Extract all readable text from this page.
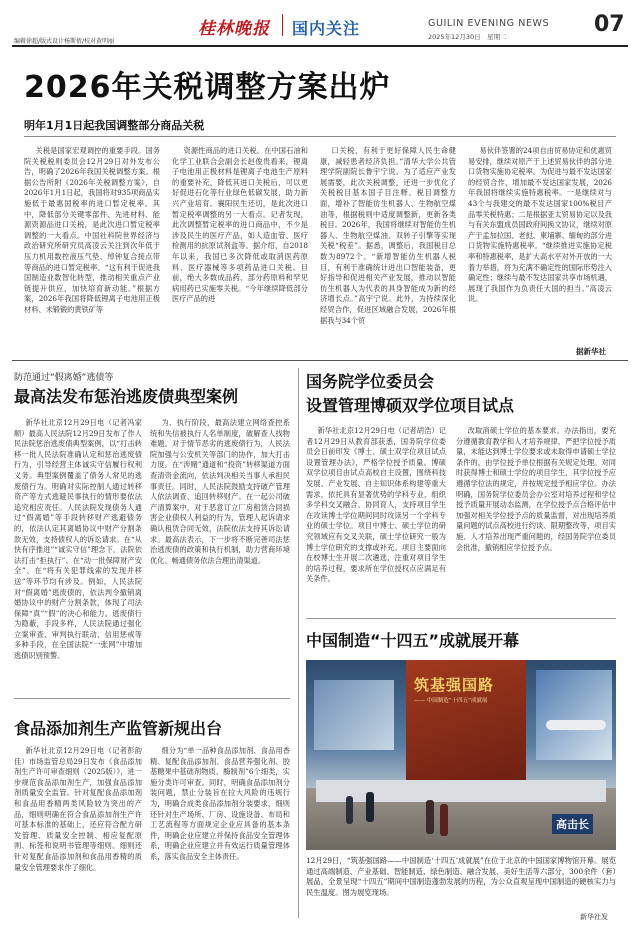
编辑徐超/版式设计杨斯倩/校对黄明丽
桂林晚报 国内关注	GUILIN EVENING NEWS
2025年12月30日　星期二	07
2026年关税调整方案出炉
明年1月1日起我国调整部分商品关税

关税是国家宏观调控的重要手段。国务院关税税则委员会12月29日对外发布公告，明确了2026年我国关税调整方案。根据公告所附《2026年关税调整方案》，自2026年1月1日起，我国将对935项商品实施低于最惠国税率的进口暂定税率。其中，降低部分关键零部件、先进材料、能源资源品进口关税，是此次进口暂定税率调整的一大看点。中国社科院世界经济与政治研究所研究员高凌云关注到次年低于压力机用数控液压气垫、绰钟复合接点带等商品的进口暂定税率。“这有利于促进我国制造业数智化转型，推动相关重点产业链提升供应，加快培育新动能。”根据方案，2026年我国将降低锂离子电池用正极材料、未锻锻的黄铁矿等

资源性商品的进口关税。在中国石油和化学工业联合会副会长赵俊贵看来，锂离子电池用正极材料是锂离子电池生产原料的重要补充，降低其进口关税后，可以更好促进石化等行业绿色低碳发展，助力新兴产业培育。襄阳民生还切，是此次进口暂定税率调整的另一大看点。记者发现，此次调整暂定税率的进口商品中，不少是涉及民生的医疗产品，如人造血管、医疗检测用的抗原试剂盒等。据介绍，自2018年以来，我国已多次降低或取消医药原料、医疗器械等多项药品进口关税。目前，绝大多数成品药、部分药原料和罕见病用药已实施零关税。“今年继续降低部分医疗产品的进

口关税，有利于更好保障人民生命健康，减轻患者经济负担。”清华大学公共管理学院副院长鲁宇宁说。为了适应产业发展需要，此次关税调整，还进一步优化了关税税目基本国子目注释。税目调整方面，增补了智能仿生机器人、生物航空煤油等，根据税则中适度调整新，更新各类税目。2026年，我国将继续对智能仿生机器人、生物航空煤油、双转子引擎等实现关税“税差”。据悉，调整后，我国税目总数为8972个。“新增智能仿生机器人税目，有利于准确统计进出口智能装备，更好指导和促进相关产业发展，推动以智能仿生机器人为代表的具身智能成为新的经济增长点。”高宇宁说。此外，为持续深化经贸合作，促进区域融合发展，2026年根据我与34个贸

易伙伴签署的24项自由贸易协定和优惠贸易安排，继续对原产于上述贸易伙伴的部分进口货物实施协定税率。为促进与最不发达国家的经贸合作，增加最不发达国家发展，2026年我国将继续实施特惠税率。一是继续对与43个与我建交的最不发达国家100%税目产品零关税特惠；二是根据亚太贸易协定以及我与有关东盟成员国政府间换文协议，继续对原产于孟加拉国、老挝、柬埔寨、缅甸的部分进口货物实施特惠税率。“继续推进实施协定税率和特惠税率，是扩大高水平对外开放的一大着力举措，将为充满不确定性的国际形势注入确定性；继续与最不发达国家共享市场机遇，展现了我国作为负责任大国的担当。”高凌云说。

据新华社
防范通过“假离婚”逃债等
最高法发布惩治逃废债典型案例

新华社北京12月29日电（记者冯家顺）最高人民法院12月29日发布了作人民法院惩治逃废债典型案例，以“打击转移一批人民法院准确认定和惩治逃废债行为，引导经营主体诚实守信履行权利义务。典型案例覆盖了债务人常见的逃废债行为。明确对实际控制人通过转移资产等方式逃避民事执行的情形要依法追究相应责任。人民法院发现债务人通过“假离婚”等手段转移财产逃避债务的，依法认定其离婚协议中财产分割条款无效，支持债权人的诉讼请求。在“从快有序推进”“诚实守信”理念下，法院依法打击“拒执行”、在“动一批保障财产安全”、在“将有关犯罪线索的发现并移送”等环节均有涉及。例如，人民法院对“假离婚”逃废债的，依法判令撤销离婚协议中的财产分割条款，体现了司法保障“真”“假”的决心和能力。逃废债行为隐蔽，手段多样，人民法院通过强化立案审查、审判执行联动、信用惩戒等多种手段，在全国法院“一张网”中增加逃债识别预警。

为、执行阶段，最高法建立网络查控系统和失信被执行人名单制度，破解查人找物难题。对于情节恶劣的逃废债行为，人民法院加强与公安机关等部门的协作，加大打击力度。在“涉赌”通道和“投资”转移渠道方面查清资金流向，依法判决相关当事人承担民事责任。同时，人民法院鼓励支持破产管理人依法调查、追回转移财产。在一起公司破产清算案中，对于恶意订立厂房租赁合同损害企业债权人利益的行为，管理人起诉请求确认租赁合同无效，法院依法支持其诉讼请求。最高法表示，下一步将不断完善司法惩治逃废债的政策和执行机制，助力营商环境优化、畅通债务依法合理出清渠道。

食品添加剂生产监管新规出台

新华社北京12月29日电（记者彭韵佳）市场监管总局29日发布《食品添加剂生产许可审查细则（2025版）》，进一步规范食品添加剂生产，加强食品添加剂质量安全监管。针对复配食品添加剂和食品用香精两类风险较为突出的产品，细则明确在符合食品添加剂生产许可基本标准的基础上，还应符合配方研发管理、质量安全控制、相应复配原则、标签和说明书管理等细则。细则还针对复配食品添加剂和食品用香精的质量安全管理要求作了细化。

细分为“单一品种食品添加剂、食品用香精、复配食品添加剂、食品营养强化剂、胶基糖果中基础剂物质、酶制剂”6个细类，实施分类许可审查。同时，明确食品添加剂分装问题，禁止分装旨在拉大风险的违规行为，明确合成类食品添加剂分装要求，细则还针对生产场所、厂房、设施设备、布局和工艺流程等方面规定企业应具备的基本条件，明确企业应建立并保持食品安全管理体系，明确企业应建立并有效运行质量管理体系，落实食品安全主体责任。

国务院学位委员会
设置管理博硕双学位项目试点

新华社北京12月29日电（记者胡浩）记者12月29日从教育部获悉，国务院学位委员会日前印发《博士、硕士双学位项目试点设置管理办法》，严格学位授予质量。博硕双学位项目由试点高校自主设置，围绕科技发展、产业发展、自主知识体系构建等重大需求，依托具有显著优势的学科专业，组织多学科交叉融合、协同育人，支持项目学生在攻读博士学位期间同时攻读另一个学科专业的硕士学位。项目中博士、硕士学位的研究领域应有交叉关联，硕士学位研究一般为博士学位研究的支撑或补充。项目主要面向在校博士生开展二次遴选，注重对项目学生的培养过程，要求所在学位授权点应满足有关条件。

改取消硕士学位的基本要求。办法指出，要充分遵循教育教学和人才培养规律，严把学位授予质量，未能达到博士学位要求或未取得申请硕士学位条件的，由学位授予单位根据有关规定处理。对同时获得博士和硕士学位的项目学生，其学位授予应遵循学位法的规定，并按规定授予相应学位。办法明确，国务院学位委员会办公室对培养过程和学位授予质量开展动态监测，在学位授予点合格评估中加强对相关学位授予点的质量监督，对出现培养质量问题的试点高校进行约谈、限期整改等，项目实施、人才培养出现严重问题的，经国务院学位委员会批准，撤销相应学位授予点。

中国制造“十四五”成就展开幕
筑基强国路
—— 中国制造“十四五”成就展
高击长
12月29日，“筑基强国路——中国制造‘十四五’成就展”在位于北京的中国国家博物馆开幕。展览通过高端制造、产业基础、智能制造、绿色制造、融合发展、美好生活等六部分，300余件（套）展品，全景呈现“十四五”期间中国制造蓬勃发展的历程，为公众直观呈现中国制造的硬核实力与民生温度。图为展览现场。
新华社发
